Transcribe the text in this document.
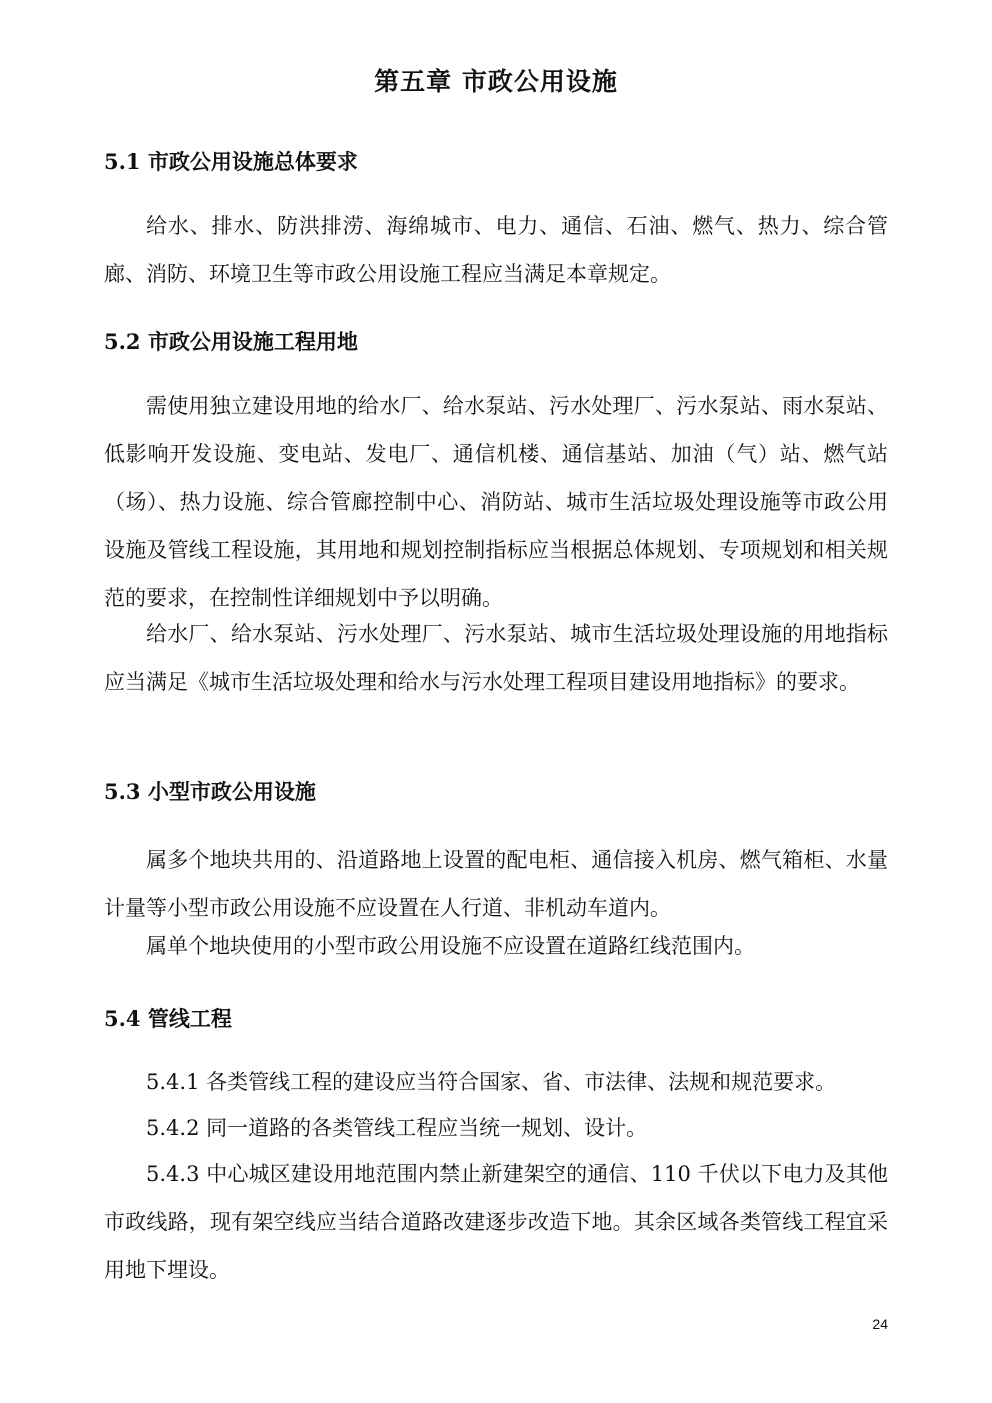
第五章 市政公用设施
5.1 市政公用设施总体要求

给水、排水、防洪排涝、海绵城市、电力、通信、石油、燃气、热力、综合管廊、消防、环境卫生等市政公用设施工程应当满足本章规定。

5.2 市政公用设施工程用地

需使用独立建设用地的给水厂、给水泵站、污水处理厂、污水泵站、雨水泵站、低影响开发设施、变电站、发电厂、通信机楼、通信基站、加油（气）站、燃气站（场）、热力设施、综合管廊控制中心、消防站、城市生活垃圾处理设施等市政公用设施及管线工程设施，其用地和规划控制指标应当根据总体规划、专项规划和相关规范的要求，在控制性详细规划中予以明确。

给水厂、给水泵站、污水处理厂、污水泵站、城市生活垃圾处理设施的用地指标应当满足《城市生活垃圾处理和给水与污水处理工程项目建设用地指标》的要求。

5.3 小型市政公用设施

属多个地块共用的、沿道路地上设置的配电柜、通信接入机房、燃气箱柜、水量计量等小型市政公用设施不应设置在人行道、非机动车道内。

属单个地块使用的小型市政公用设施不应设置在道路红线范围内。

5.4 管线工程

5.4.1 各类管线工程的建设应当符合国家、省、市法律、法规和规范要求。

5.4.2 同一道路的各类管线工程应当统一规划、设计。

5.4.3 中心城区建设用地范围内禁止新建架空的通信、110 千伏以下电力及其他市政线路，现有架空线应当结合道路改建逐步改造下地。其余区域各类管线工程宜采用地下埋设。

24
